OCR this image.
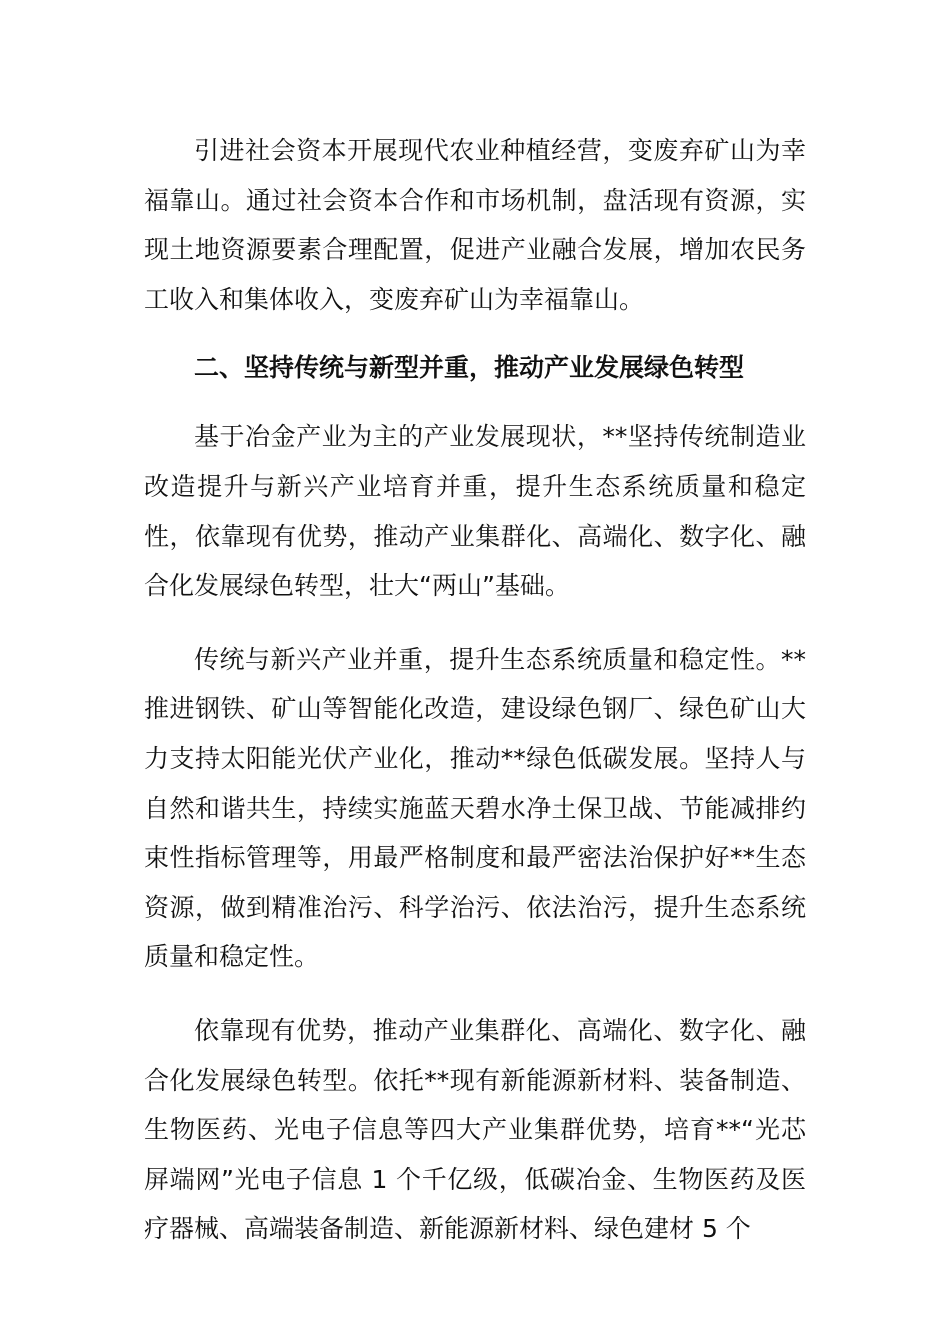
引进社会资本开展现代农业种植经营，变废弃矿山为幸福靠山。通过社会资本合作和市场机制，盘活现有资源，实现土地资源要素合理配置，促进产业融合发展，增加农民务工收入和集体收入，变废弃矿山为幸福靠山。

二、坚持传统与新型并重，推动产业发展绿色转型

基于冶金产业为主的产业发展现状，**坚持传统制造业改造提升与新兴产业培育并重，提升生态系统质量和稳定性，依靠现有优势，推动产业集群化、高端化、数字化、融合化发展绿色转型，壮大“两山”基础。

传统与新兴产业并重，提升生态系统质量和稳定性。**推进钢铁、矿山等智能化改造，建设绿色钢厂、绿色矿山大力支持太阳能光伏产业化，推动**绿色低碳发展。坚持人与自然和谐共生，持续实施蓝天碧水净土保卫战、节能减排约束性指标管理等，用最严格制度和最严密法治保护好**生态资源，做到精准治污、科学治污、依法治污，提升生态系统质量和稳定性。

依靠现有优势，推动产业集群化、高端化、数字化、融合化发展绿色转型。依托**现有新能源新材料、装备制造、生物医药、光电子信息等四大产业集群优势，培育**“光芯屏端网”光电子信息 1 个千亿级，低碳冶金、生物医药及医疗器械、高端装备制造、新能源新材料、绿色建材 5 个
